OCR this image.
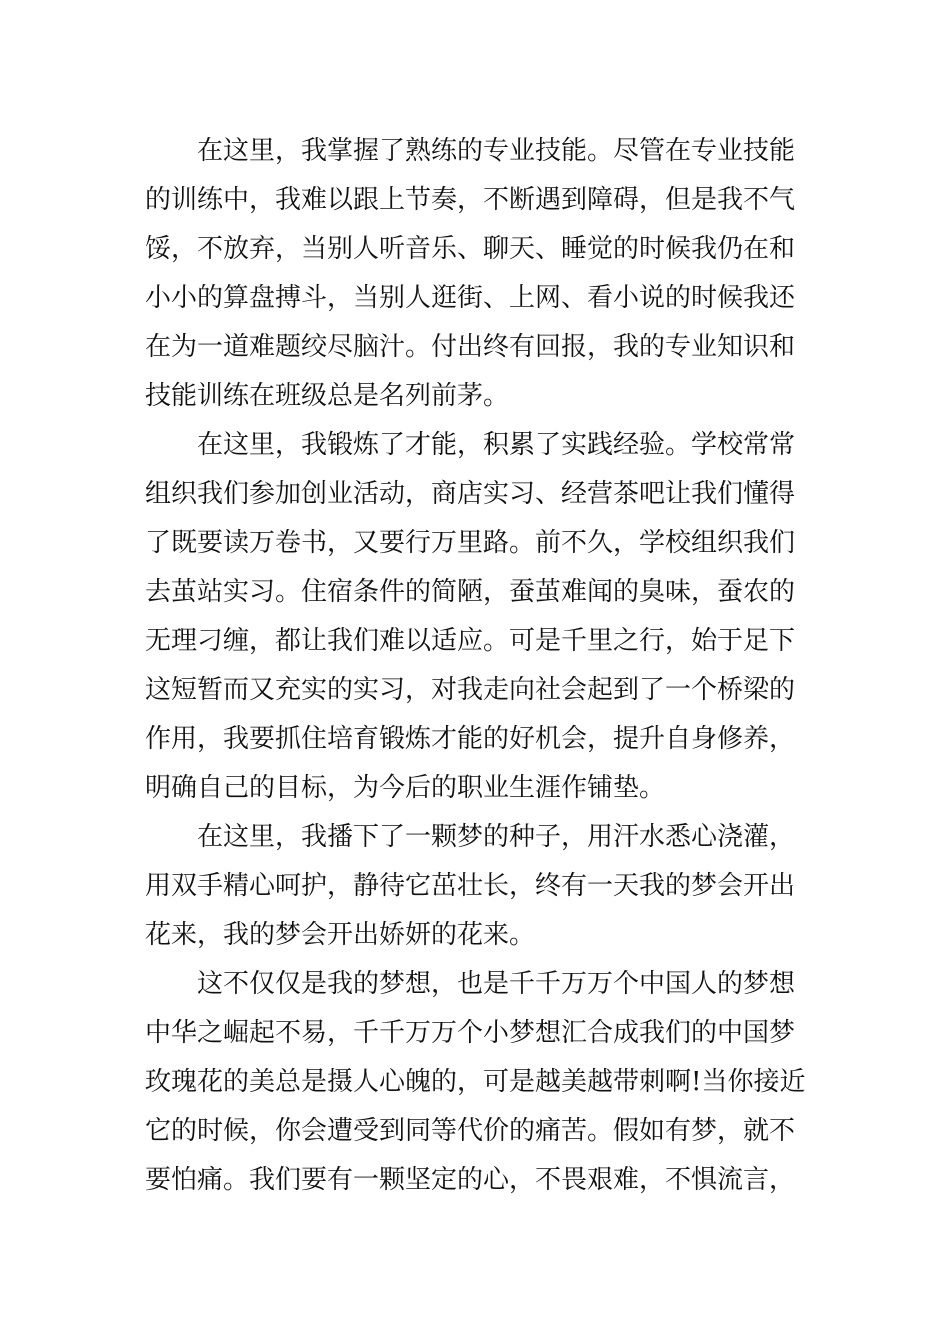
在这里，我掌握了熟练的专业技能。尽管在专业技能
的训练中，我难以跟上节奏，不断遇到障碍，但是我不气
馁，不放弃，当别人听音乐、聊天、睡觉的时候我仍在和
小小的算盘搏斗，当别人逛街、上网、看小说的时候我还
在为一道难题绞尽脑汁。付出终有回报，我的专业知识和
技能训练在班级总是名列前茅。

在这里，我锻炼了才能，积累了实践经验。学校常常
组织我们参加创业活动，商店实习、经营茶吧让我们懂得
了既要读万卷书，又要行万里路。前不久，学校组织我们
去茧站实习。住宿条件的简陋，蚕茧难闻的臭味，蚕农的
无理刁缠，都让我们难以适应。可是千里之行，始于足下
这短暂而又充实的实习，对我走向社会起到了一个桥梁的
作用，我要抓住培育锻炼才能的好机会，提升自身修养，
明确自己的目标，为今后的职业生涯作铺垫。

在这里，我播下了一颗梦的种子，用汗水悉心浇灌，
用双手精心呵护，静待它茁壮长，终有一天我的梦会开出
花来，我的梦会开出娇妍的花来。

这不仅仅是我的梦想，也是千千万万个中国人的梦想
中华之崛起不易，千千万万个小梦想汇合成我们的中国梦
玫瑰花的美总是摄人心魄的，可是越美越带刺啊!当你接近
它的时候，你会遭受到同等代价的痛苦。假如有梦，就不
要怕痛。我们要有一颗坚定的心，不畏艰难，不惧流言，
